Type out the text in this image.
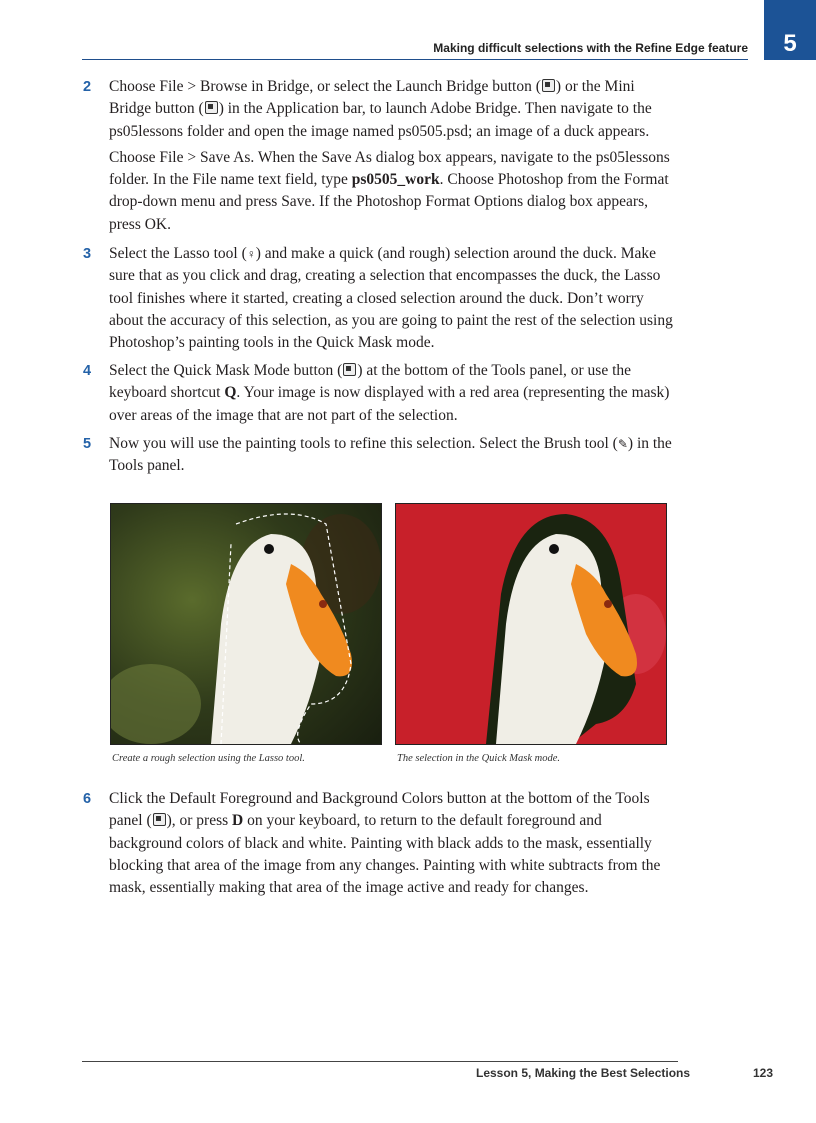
Making difficult selections with the Refine Edge feature	5
2 Choose File > Browse in Bridge, or select the Launch Bridge button ( ) or the Mini Bridge button ( ) in the Application bar, to launch Adobe Bridge. Then navigate to the ps05lessons folder and open the image named ps0505.psd; an image of a duck appears.

Choose File > Save As. When the Save As dialog box appears, navigate to the ps05lessons folder. In the File name text field, type ps0505_work. Choose Photoshop from the Format drop-down menu and press Save. If the Photoshop Format Options dialog box appears, press OK.

3 Select the Lasso tool (♀) and make a quick (and rough) selection around the duck. Make sure that as you click and drag, creating a selection that encompasses the duck, the Lasso tool finishes where it started, creating a closed selection around the duck. Don’t worry about the accuracy of this selection, as you are going to paint the rest of the selection using Photoshop’s painting tools in the Quick Mask mode.

4 Select the Quick Mask Mode button ( ) at the bottom of the Tools panel, or use the keyboard shortcut Q. Your image is now displayed with a red area (representing the mask) over areas of the image that are not part of the selection.

5 Now you will use the painting tools to refine this selection. Select the Brush tool (✎) in the Tools panel.

Create a rough selection using the Lasso tool.	The selection in the Quick Mask mode.
6 Click the Default Foreground and Background Colors button at the bottom of the Tools panel ( ), or press D on your keyboard, to return to the default foreground and background colors of black and white. Painting with black adds to the mask, essentially blocking that area of the image from any changes. Painting with white subtracts from the mask, essentially making that area of the image active and ready for changes.

Lesson 5, Making the Best Selections	123
